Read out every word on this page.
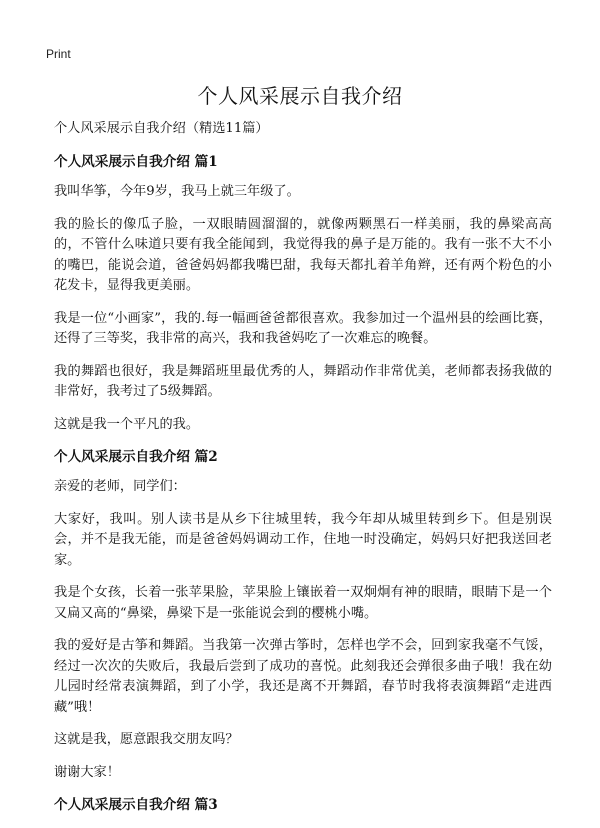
Print
个人风采展示自我介绍

个人风采展示自我介绍（精选11篇）

个人风采展示自我介绍 篇1

我叫华筝，今年9岁，我马上就三年级了。

我的脸长的像瓜子脸，一双眼睛圆溜溜的，就像两颗黑石一样美丽，我的鼻梁高高的，不管什么味道只要有我全能闻到，我觉得我的鼻子是万能的。我有一张不大不小的嘴巴，能说会道，爸爸妈妈都我嘴巴甜，我每天都扎着羊角辫，还有两个粉色的小花发卡，显得我更美丽。

我是一位“小画家”，我的.每一幅画爸爸都很喜欢。我参加过一个温州县的绘画比赛，还得了三等奖，我非常的高兴，我和我爸妈吃了一次难忘的晚餐。

我的舞蹈也很好，我是舞蹈班里最优秀的人，舞蹈动作非常优美，老师都表扬我做的非常好，我考过了5级舞蹈。

这就是我一个平凡的我。

个人风采展示自我介绍 篇2

亲爱的老师，同学们：

大家好，我叫。别人读书是从乡下往城里转，我今年却从城里转到乡下。但是别误会，并不是我无能，而是爸爸妈妈调动工作，住地一时没确定，妈妈只好把我送回老家。

我是个女孩，长着一张苹果脸，苹果脸上镶嵌着一双炯炯有神的眼睛，眼睛下是一个又扁又高的“鼻梁，鼻梁下是一张能说会到的樱桃小嘴。

我的爱好是古筝和舞蹈。当我第一次弹古筝时，怎样也学不会，回到家我毫不气馁，经过一次次的失败后，我最后尝到了成功的喜悦。此刻我还会弹很多曲子哦！我在幼儿园时经常表演舞蹈，到了小学，我还是离不开舞蹈，春节时我将表演舞蹈“走进西藏”哦！

这就是我，愿意跟我交朋友吗？

谢谢大家！

个人风采展示自我介绍 篇3
